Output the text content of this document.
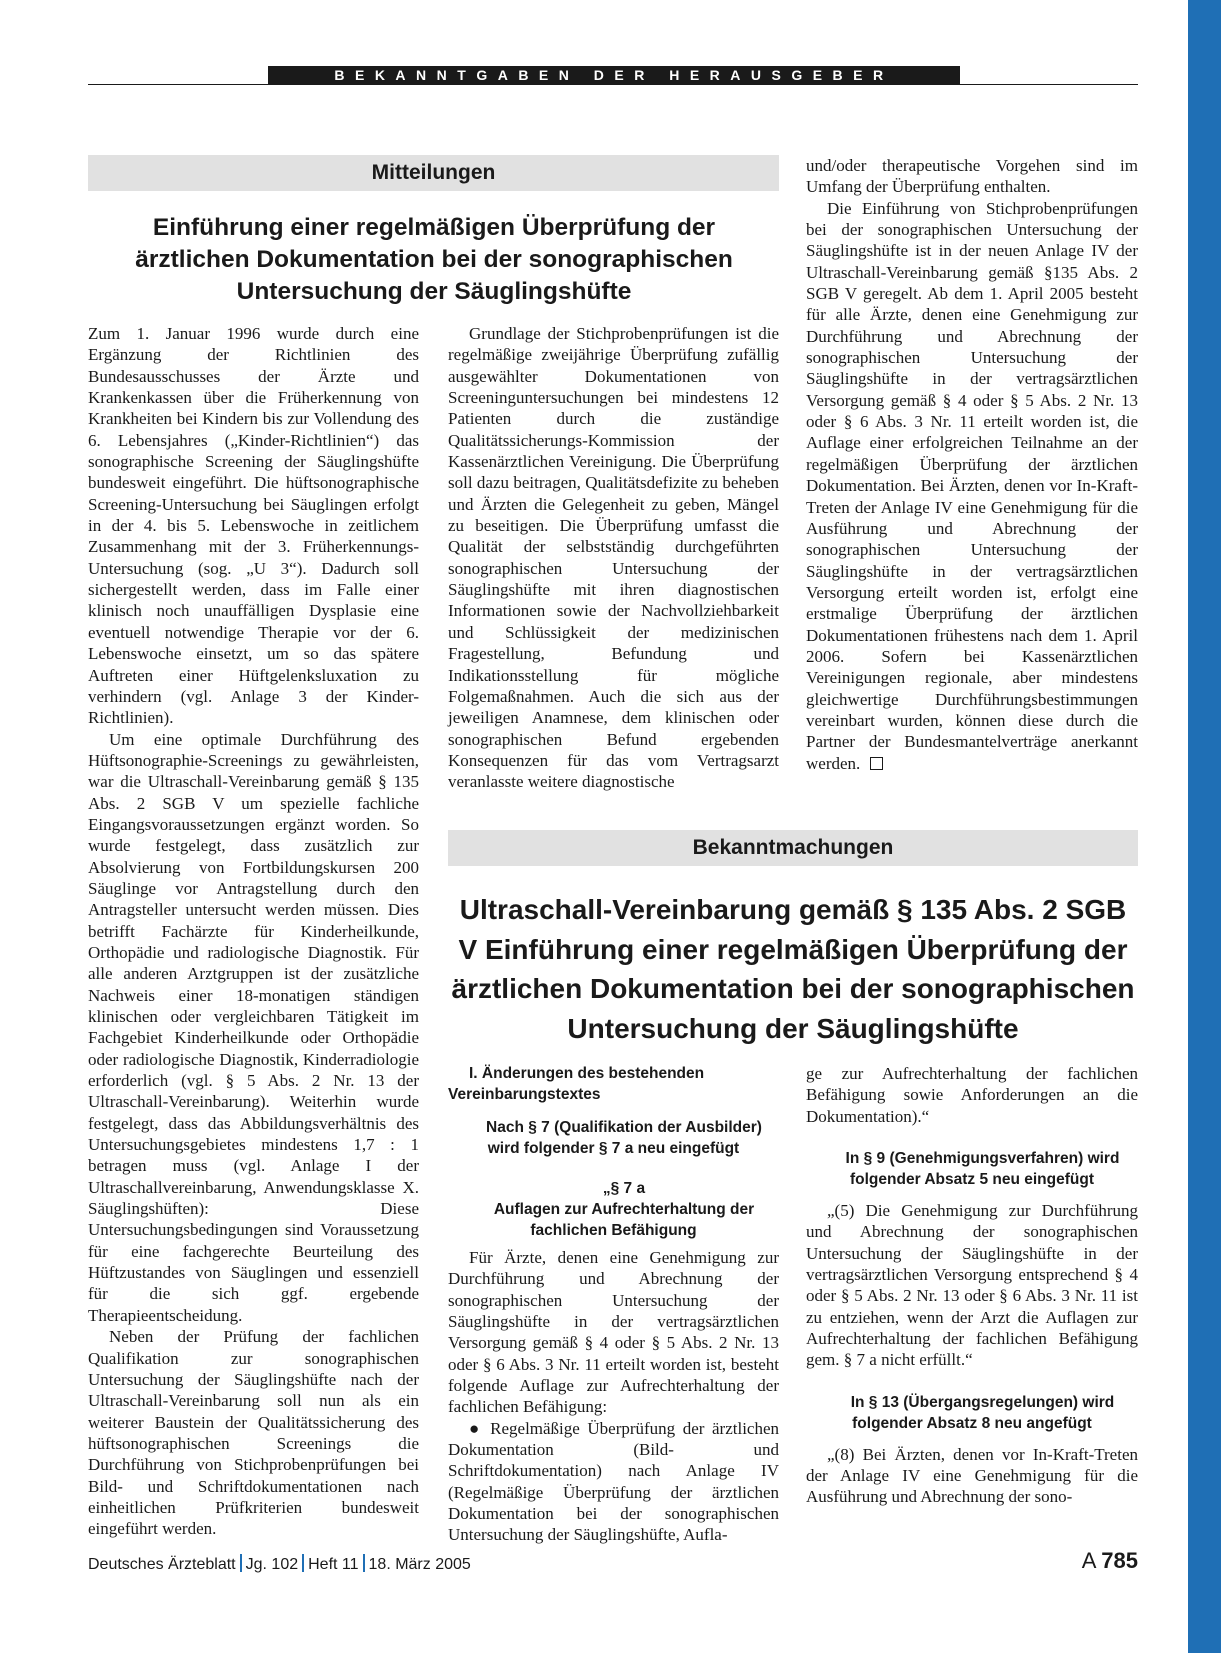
BEKANNTGABEN DER HERAUSGEBER
Mitteilungen
Einführung einer regelmäßigen Überprüfung der ärztlichen Dokumentation bei der sonographischen Untersuchung der Säuglingshüfte

Zum 1. Januar 1996 wurde durch eine Ergänzung der Richtlinien des Bundesausschusses der Ärzte und Krankenkassen über die Früherkennung von Krankheiten bei Kindern bis zur Vollendung des 6. Lebensjahres („Kinder-Richtlinien“) das sonographische Screening der Säuglingshüfte bundesweit eingeführt. Die hüftsonographische Screening-Untersuchung bei Säuglingen erfolgt in der 4. bis 5. Lebenswoche in zeitlichem Zusammenhang mit der 3. Früherkennungs-Untersuchung (sog. „U 3“). Dadurch soll sichergestellt werden, dass im Falle einer klinisch noch unauffälligen Dysplasie eine eventuell notwendige Therapie vor der 6. Lebenswoche einsetzt, um so das spätere Auftreten einer Hüftgelenksluxation zu verhindern (vgl. Anlage 3 der Kinder-Richtlinien).

Um eine optimale Durchführung des Hüftsonographie-Screenings zu gewährleisten, war die Ultraschall-Vereinbarung gemäß § 135 Abs. 2 SGB V um spezielle fachliche Eingangsvoraussetzungen ergänzt worden. So wurde festgelegt, dass zusätzlich zur Absolvierung von Fortbildungskursen 200 Säuglinge vor Antragstellung durch den Antragsteller untersucht werden müssen. Dies betrifft Fachärzte für Kinderheilkunde, Orthopädie und radiologische Diagnostik. Für alle anderen Arztgruppen ist der zusätzliche Nachweis einer 18-monatigen ständigen klinischen oder vergleichbaren Tätigkeit im Fachgebiet Kinderheilkunde oder Orthopädie oder radiologische Diagnostik, Kinderradiologie erforderlich (vgl. § 5 Abs. 2 Nr. 13 der Ultraschall-Vereinbarung). Weiterhin wurde festgelegt, dass das Abbildungsverhältnis des Untersuchungsgebietes mindestens 1,7 : 1 betragen muss (vgl. Anlage I der Ultraschallvereinbarung, Anwendungsklasse X. Säuglingshüften): Diese Untersuchungsbedingungen sind Voraussetzung für eine fachgerechte Beurteilung des Hüftzustandes von Säuglingen und essenziell für die sich ggf. ergebende Therapieentscheidung.

Neben der Prüfung der fachlichen Qualifikation zur sonographischen Untersuchung der Säuglingshüfte nach der Ultraschall-Vereinbarung soll nun als ein weiterer Baustein der Qualitätssicherung des hüftsonographischen Screenings die Durchführung von Stichprobenprüfungen bei Bild- und Schriftdokumentationen nach einheitlichen Prüfkriterien bundesweit eingeführt werden.

Grundlage der Stichprobenprüfungen ist die regelmäßige zweijährige Überprüfung zufällig ausgewählter Dokumentationen von Screeninguntersuchungen bei mindestens 12 Patienten durch die zuständige Qualitätssicherungs-Kommission der Kassenärztlichen Vereinigung. Die Überprüfung soll dazu beitragen, Qualitätsdefizite zu beheben und Ärzten die Gelegenheit zu geben, Mängel zu beseitigen. Die Überprüfung umfasst die Qualität der selbstständig durchgeführten sonographischen Untersuchung der Säuglingshüfte mit ihren diagnostischen Informationen sowie der Nachvollziehbarkeit und Schlüssigkeit der medizinischen Fragestellung, Befundung und Indikationsstellung für mögliche Folgemaßnahmen. Auch die sich aus der jeweiligen Anamnese, dem klinischen oder sonographischen Befund ergebenden Konsequenzen für das vom Vertragsarzt veranlasste weitere diagnostische

und/oder therapeutische Vorgehen sind im Umfang der Überprüfung enthalten.

Die Einführung von Stichprobenprüfungen bei der sonographischen Untersuchung der Säuglingshüfte ist in der neuen Anlage IV der Ultraschall-Vereinbarung gemäß §135 Abs. 2 SGB V geregelt. Ab dem 1. April 2005 besteht für alle Ärzte, denen eine Genehmigung zur Durchführung und Abrechnung der sonographischen Untersuchung der Säuglingshüfte in der vertragsärztlichen Versorgung gemäß § 4 oder § 5 Abs. 2 Nr. 13 oder § 6 Abs. 3 Nr. 11 erteilt worden ist, die Auflage einer erfolgreichen Teilnahme an der regelmäßigen Überprüfung der ärztlichen Dokumentation. Bei Ärzten, denen vor In-Kraft-Treten der Anlage IV eine Genehmigung für die Ausführung und Abrechnung der sonographischen Untersuchung der Säuglingshüfte in der vertragsärztlichen Versorgung erteilt worden ist, erfolgt eine erstmalige Überprüfung der ärztlichen Dokumentationen frühestens nach dem 1. April 2006. Sofern bei Kassenärztlichen Vereinigungen regionale, aber mindestens gleichwertige Durchführungsbestimmungen vereinbart wurden, können diese durch die Partner der Bundesmantelverträge anerkannt werden.

Bekanntmachungen
Ultraschall-Vereinbarung gemäß § 135 Abs. 2 SGB V Einführung einer regelmäßigen Überprüfung der ärztlichen Dokumentation bei der sonographischen Untersuchung der Säuglingshüfte

I. Änderungen des bestehenden Vereinbarungstextes

Nach § 7 (Qualifikation der Ausbilder) wird folgender § 7 a neu eingefügt

„§ 7 a

Auflagen zur Aufrechterhaltung der fachlichen Befähigung

Für Ärzte, denen eine Genehmigung zur Durchführung und Abrechnung der sonographischen Untersuchung der Säuglingshüfte in der vertragsärztlichen Versorgung gemäß § 4 oder § 5 Abs. 2 Nr. 13 oder § 6 Abs. 3 Nr. 11 erteilt worden ist, besteht folgende Auflage zur Aufrechterhaltung der fachlichen Befähigung:

● Regelmäßige Überprüfung der ärztlichen Dokumentation (Bild- und Schriftdokumentation) nach Anlage IV (Regelmäßige Überprüfung der ärztlichen Dokumentation bei der sonographischen Untersuchung der Säuglingshüfte, Aufla-

ge zur Aufrechterhaltung der fachlichen Befähigung sowie Anforderungen an die Dokumentation).“

In § 9 (Genehmigungsverfahren) wird folgender Absatz 5 neu eingefügt

„(5) Die Genehmigung zur Durchführung und Abrechnung der sonographischen Untersuchung der Säuglingshüfte in der vertragsärztlichen Versorgung entsprechend § 4 oder § 5 Abs. 2 Nr. 13 oder § 6 Abs. 3 Nr. 11 ist zu entziehen, wenn der Arzt die Auflagen zur Aufrechterhaltung der fachlichen Befähigung gem. § 7 a nicht erfüllt.“

In § 13 (Übergangsregelungen) wird folgender Absatz 8 neu angefügt

„(8) Bei Ärzten, denen vor In-Kraft-Treten der Anlage IV eine Genehmigung für die Ausführung und Abrechnung der sono-

Deutsches Ärzteblatt Jg. 102 Heft 11 18. März 2005	A 785
